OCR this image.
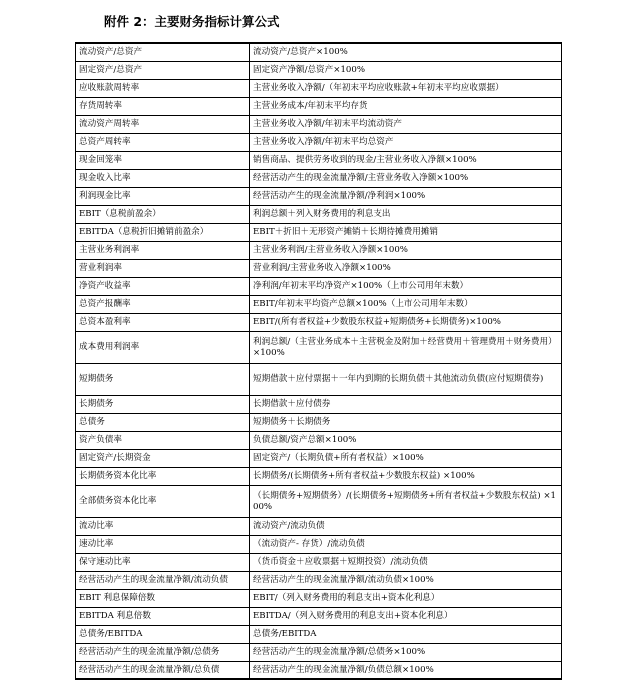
附件 2：主要财务指标计算公式
流动资产/总资产	流动资产/总资产×100%
固定资产/总资产	固定资产净额/总资产×100%
应收账款周转率	主营业务收入净额/（年初末平均应收账款+年初末平均应收票据）
存货周转率	主营业务成本/年初末平均存货
流动资产周转率	主营业务收入净额/年初末平均流动资产
总资产周转率	主营业务收入净额/年初末平均总资产
现金回笼率	销售商品、提供劳务收到的现金/主营业务收入净额×100%
现金收入比率	经营活动产生的现金流量净额/主营业务收入净额×100%
利润现金比率	经营活动产生的现金流量净额/净利润×100%
EBIT（息税前盈余）	利润总额＋列入财务费用的利息支出
EBITDA（息税折旧摊销前盈余）	EBIT＋折旧＋无形资产摊销＋长期待摊费用摊销
主营业务利润率	主营业务利润/主营业务收入净额×100%
营业利润率	营业利润/主营业务收入净额×100%
净资产收益率	净利润/年初末平均净资产×100%（上市公司用年末数）
总资产报酬率	EBIT/年初末平均资产总额×100%（上市公司用年末数）
总资本盈利率	EBIT/(所有者权益+少数股东权益+短期债务+长期债务)×100%
成本费用利润率	利润总额/（主营业务成本＋主营税金及附加＋经营费用＋管理费用＋财务费用）×100%
短期债务	短期借款＋应付票据＋一年内到期的长期负债＋其他流动负债(应付短期债券)
长期债务	长期借款＋应付债券
总债务	短期债务＋长期债务
资产负债率	负债总额/资产总额×100%
固定资产/长期资金	固定资产/（长期负债+所有者权益）×100%
长期债务资本化比率	长期债务/(长期债务+所有者权益+少数股东权益) ×100%
全部债务资本化比率	（长期债务+短期债务）/(长期债务+短期债务+所有者权益+少数股东权益) ×100%
流动比率	流动资产/流动负债
速动比率	（流动资产- 存货）/流动负债
保守速动比率	（货币资金＋应收票据＋短期投资）/流动负债
经营活动产生的现金流量净额/流动负债	经营活动产生的现金流量净额/流动负债×100%
EBIT 利息保障倍数	EBIT/（列入财务费用的利息支出+资本化利息）
EBITDA 利息倍数	EBITDA/（列入财务费用的利息支出+资本化利息）
总债务/EBITDA	总债务/EBITDA
经营活动产生的现金流量净额/总债务	经营活动产生的现金流量净额/总债务×100%
经营活动产生的现金流量净额/总负债	经营活动产生的现金流量净额/负债总额×100%
